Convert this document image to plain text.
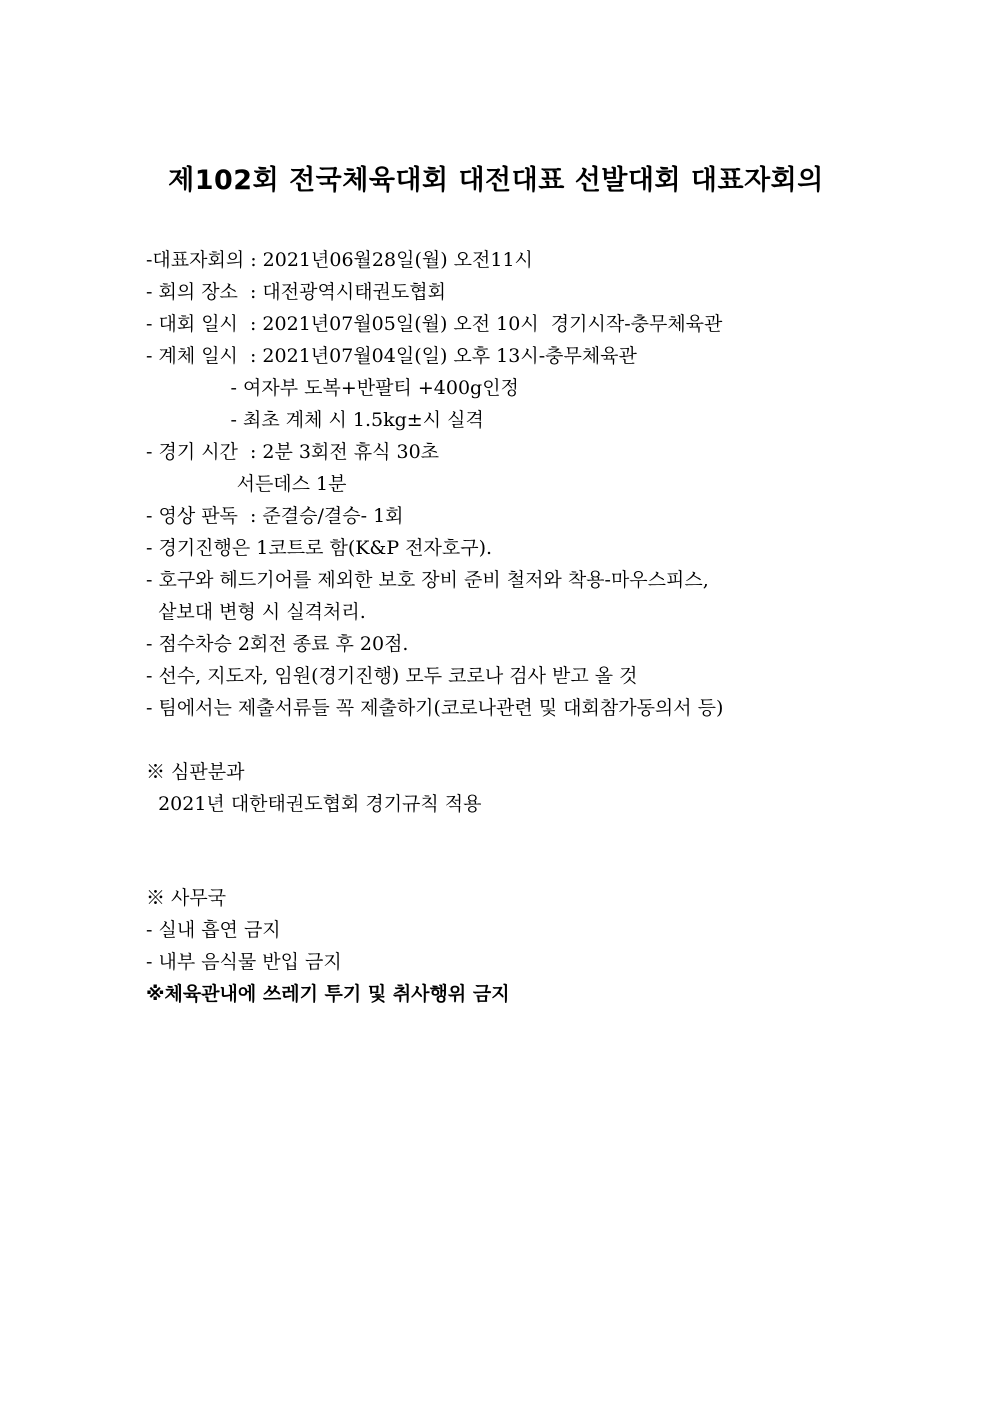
제102회 전국체육대회 대전대표 선발대회 대표자회의
-대표자회의 : 2021년06월28일(월) 오전11시
- 회의 장소  : 대전광역시태권도협회
- 대회 일시  : 2021년07월05일(월) 오전 10시  경기시작-충무체육관
- 계체 일시  : 2021년07월04일(일) 오후 13시-충무체육관
- 여자부 도복+반팔티 +400g인정
- 최초 계체 시 1.5kg±시 실격
- 경기 시간  : 2분 3회전 휴식 30초
서든데스 1분
- 영상 판독  : 준결승/결승- 1회
- 경기진행은 1코트로 함(K&P 전자호구).
- 호구와 헤드기어를 제외한 보호 장비 준비 철저와 착용-마우스피스,
샅보대 변형 시 실격처리.
- 점수차승 2회전 종료 후 20점.
- 선수, 지도자, 임원(경기진행) 모두 코로나 검사 받고 올 것
- 팀에서는 제출서류들 꼭 제출하기(코로나관련 및 대회참가동의서 등)
※ 심판분과
2021년 대한태권도협회 경기규칙 적용
※ 사무국
- 실내 흡연 금지
- 내부 음식물 반입 금지
※체육관내에 쓰레기 투기 및 취사행위 금지
